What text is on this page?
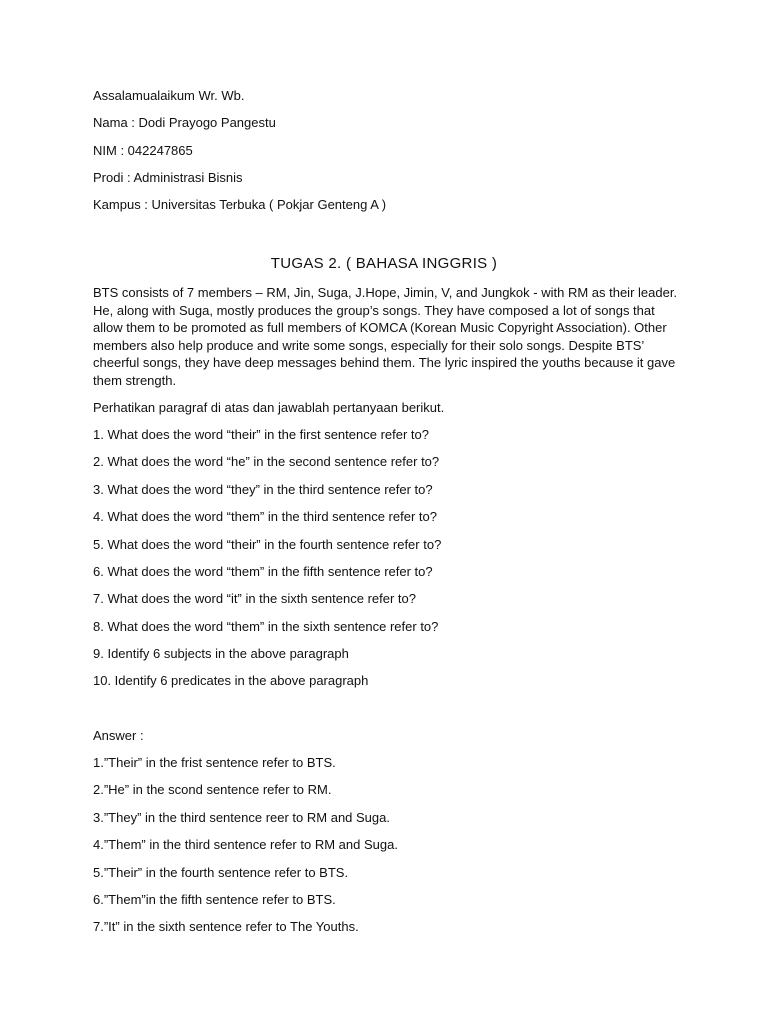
Assalamualaikum Wr. Wb.
Nama : Dodi Prayogo Pangestu
NIM : 042247865
Prodi : Administrasi Bisnis
Kampus : Universitas Terbuka ( Pokjar Genteng A )
TUGAS 2. ( BAHASA INGGRIS )
BTS consists of 7 members – RM, Jin, Suga, J.Hope, Jimin, V, and Jungkok - with RM as their leader.
He, along with Suga, mostly produces the group’s songs. They have composed a lot of songs that
allow them to be promoted as full members of KOMCA (Korean Music Copyright Association). Other
members also help produce and write some songs, especially for their solo songs. Despite BTS’
cheerful songs, they have deep messages behind them. The lyric inspired the youths because it gave
them strength.
Perhatikan paragraf di atas dan jawablah pertanyaan berikut.
1. What does the word “their” in the first sentence refer to?
2. What does the word “he” in the second sentence refer to?
3. What does the word “they” in the third sentence refer to?
4. What does the word “them” in the third sentence refer to?
5. What does the word “their” in the fourth sentence refer to?
6. What does the word “them” in the fifth sentence refer to?
7. What does the word “it” in the sixth sentence refer to?
8. What does the word “them” in the sixth sentence refer to?
9. Identify 6 subjects in the above paragraph
10. Identify 6 predicates in the above paragraph
Answer :
1.”Their” in the frist sentence refer to BTS.
2.”He” in the scond sentence refer to RM.
3.”They” in the third sentence reer to RM and Suga.
4.”Them” in the third sentence refer to RM and Suga.
5.”Their” in the fourth sentence refer to BTS.
6.”Them”in the fifth sentence refer to BTS.
7.”It” in the sixth sentence refer to The Youths.
